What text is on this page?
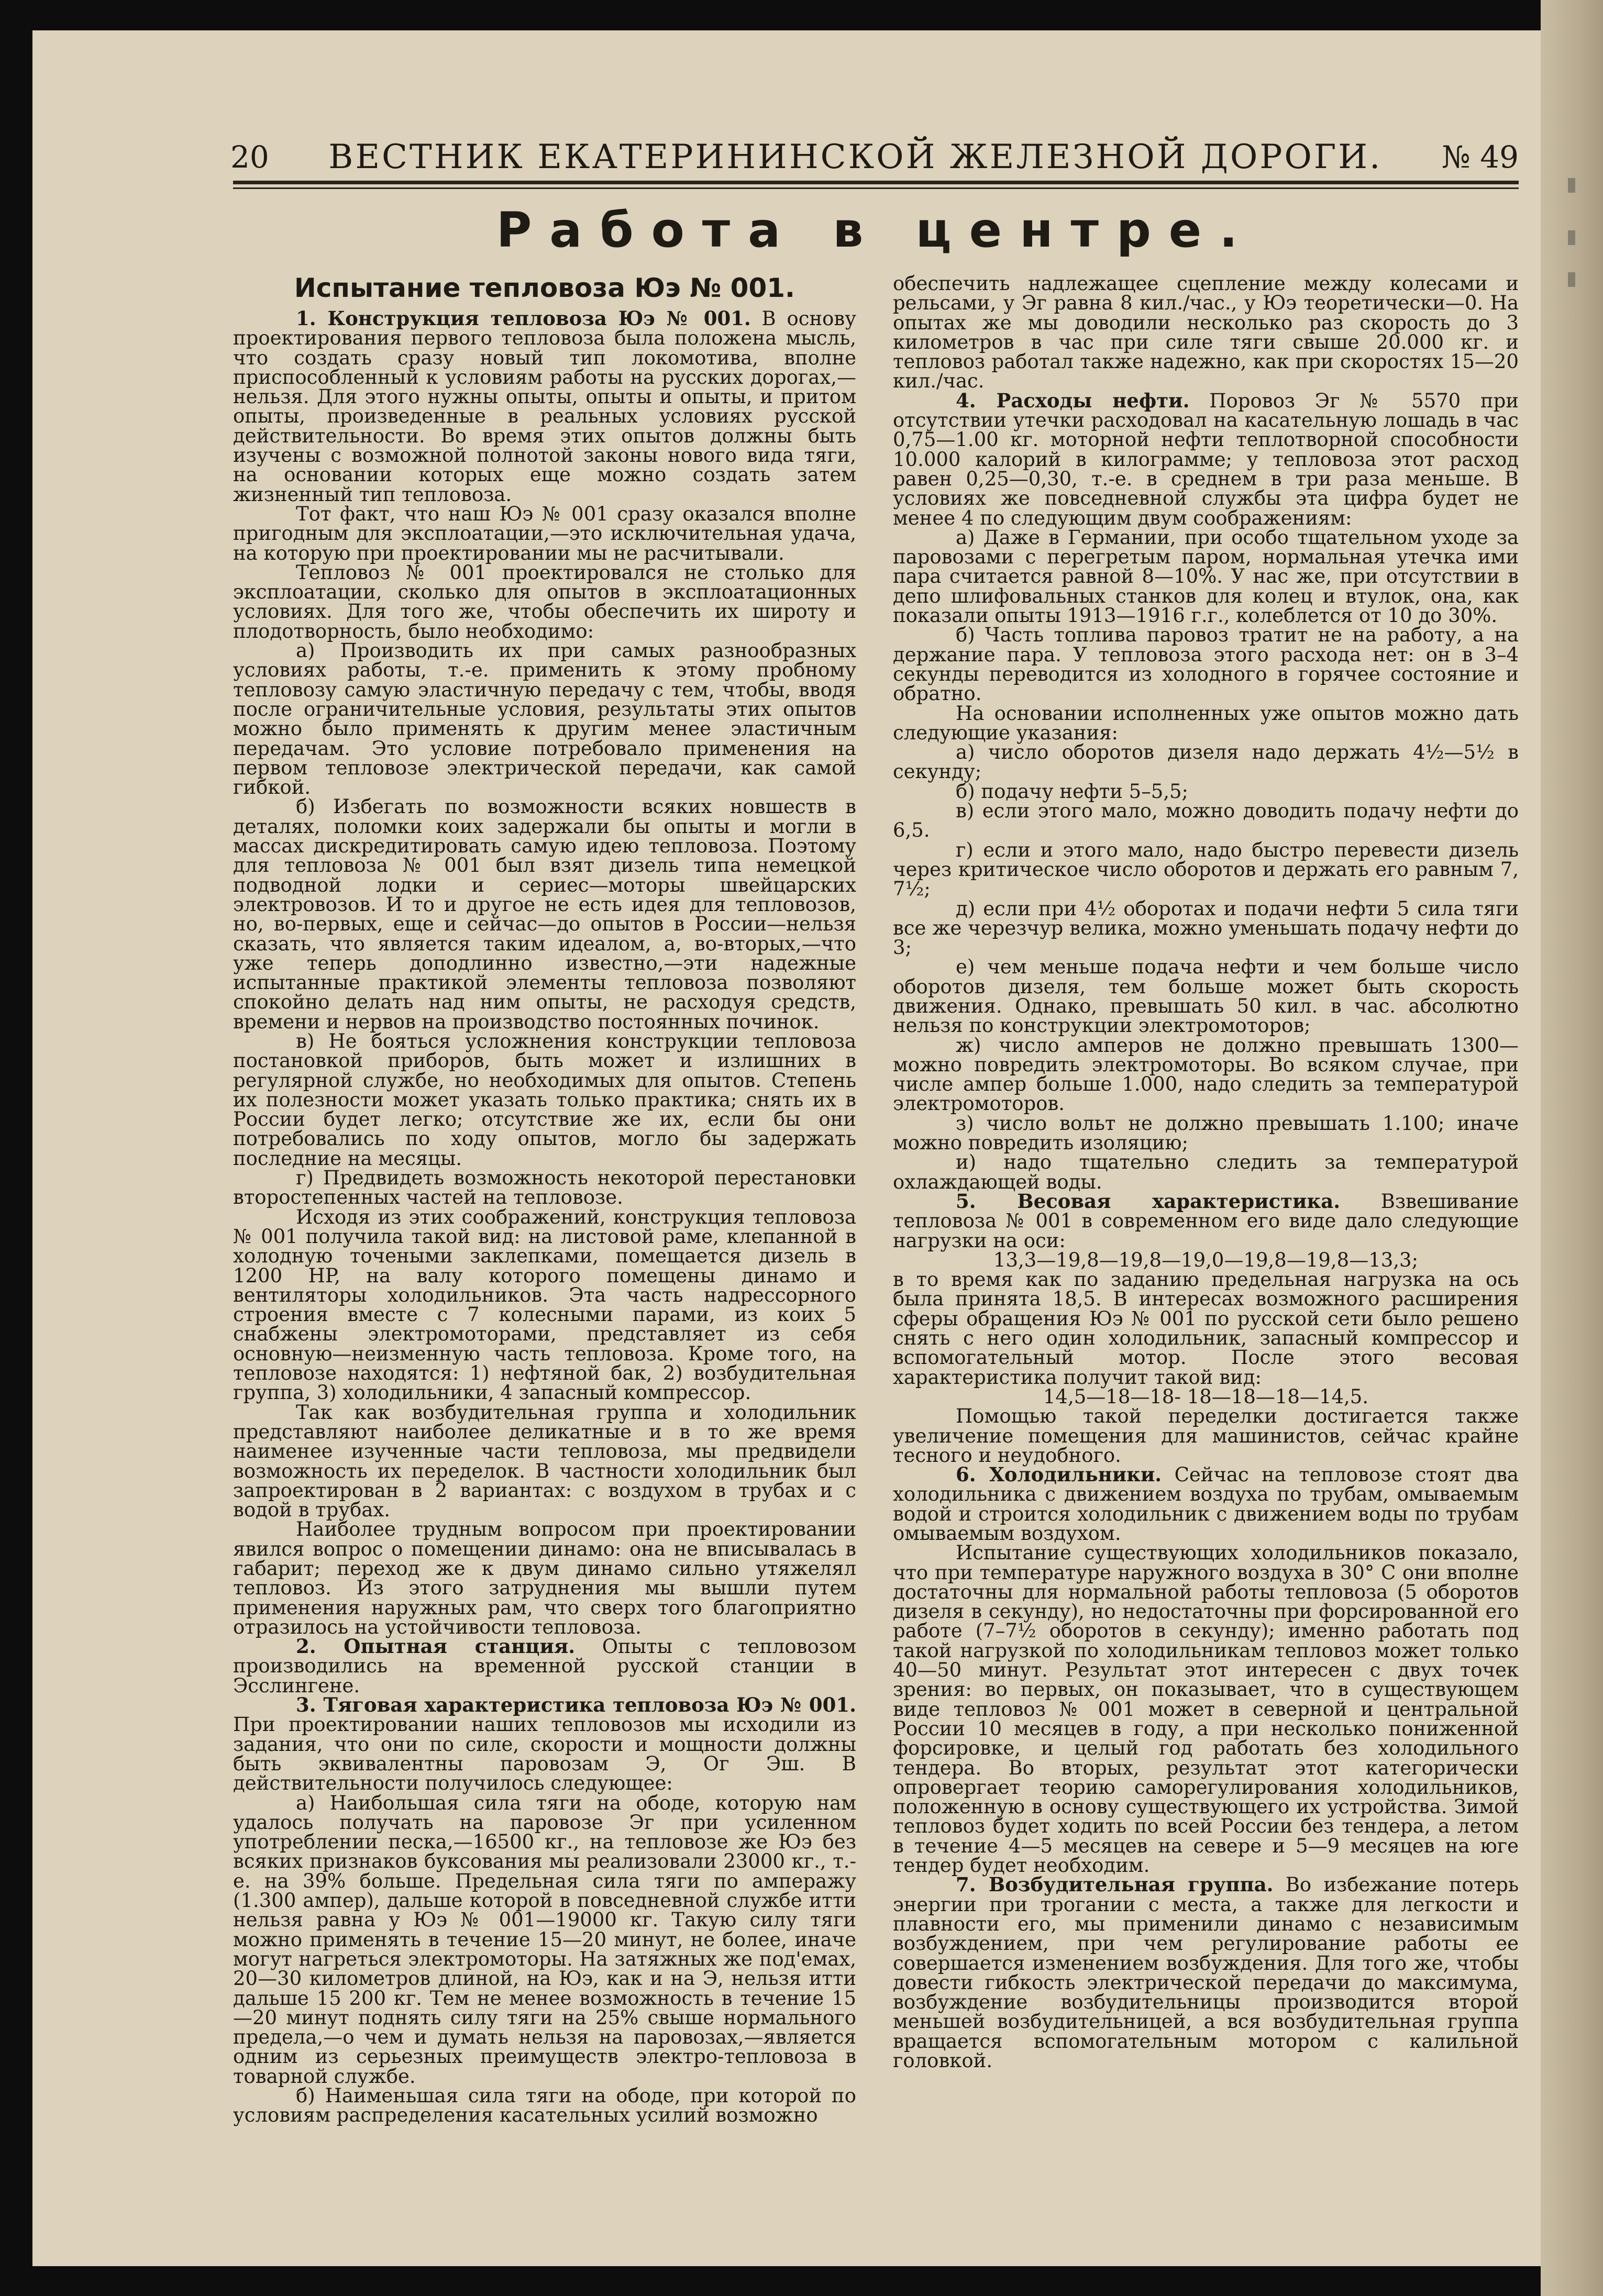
20 ВЕСТНИК ЕКАТЕРИНИНСКОЙ ЖЕЛЕЗНОЙ ДОРОГИ. № 49
Работа в центре.
Испытание тепловоза Юэ № 001.

1. Конструкция тепловоза Юэ № 001. В основу проектирования первого тепловоза была положена мысль, что создать сразу новый тип локомотива, вполне приспособленный к условиям работы на русских дорогах,—нельзя. Для этого нужны опыты, опыты и опыты, и притом опыты, произведенные в реальных условиях русской действительности. Во время этих опытов должны быть изучены с возможной полнотой законы нового вида тяги, на основании которых еще можно создать затем жизненный тип тепловоза.

Тот факт, что наш Юэ № 001 сразу оказался вполне пригодным для эксплоатации,—это исключительная удача, на которую при проектировании мы не расчитывали.

Тепловоз № 001 проектировался не столько для эксплоатации, сколько для опытов в эксплоатационных условиях. Для того же, чтобы обеспечить их широту и плодотворность, было необходимо:

а) Производить их при самых разнообразных условиях работы, т.-е. применить к этому пробному тепловозу самую эластичную передачу с тем, чтобы, вводя после ограничительные условия, результаты этих опытов можно было применять к другим менее эластичным передачам. Это условие потребовало применения на первом тепловозе электрической передачи, как самой гибкой.

б) Избегать по возможности всяких новшеств в деталях, поломки коих задержали бы опыты и могли в массах дискредитировать самую идею тепловоза. Поэтому для тепловоза № 001 был взят дизель типа немецкой подводной лодки и сериес—моторы швейцарских электровозов. И то и другое не есть идея для тепловозов, но, во-первых, еще и сейчас—до опытов в России—нельзя сказать, что является таким идеалом, а, во-вторых,—что уже теперь доподлинно известно,—эти надежные испытанные практикой элементы тепловоза позволяют спокойно делать над ним опыты, не расходуя средств, времени и нервов на производство постоянных починок.

в) Не бояться усложнения конструкции тепловоза постановкой приборов, быть может и излишних в регулярной службе, но необходимых для опытов. Степень их полезности может указать только практика; снять их в России будет легко; отсутствие же их, если бы они потребовались по ходу опытов, могло бы задержать последние на месяцы.

г) Предвидеть возможность некоторой перестановки второстепенных частей на тепловозе.

Исходя из этих соображений, конструкция тепловоза № 001 получила такой вид: на листовой раме, клепанной в холодную точеными заклепками, помещается дизель в 1200 HP, на валу которого помещены динамо и вентиляторы холодильников. Эта часть надрессорного строения вместе с 7 колесными парами, из коих 5 снабжены электромоторами, представляет из себя основную—неизменную часть тепловоза. Кроме того, на тепловозе находятся: 1) нефтяной бак, 2) возбудительная группа, 3) холодильники, 4 запасный компрессор.

Так как возбудительная группа и холодильник представляют наиболее деликатные и в то же время наименее изученные части тепловоза, мы предвидели возможность их переделок. В частности холодильник был запроектирован в 2 вариантах: с воздухом в трубах и с водой в трубах.

Наиболее трудным вопросом при проектировании явился вопрос о помещении динамо: она не вписывалась в габарит; переход же к двум динамо сильно утяжелял тепловоз. Из этого затруднения мы вышли путем применения наружных рам, что сверх того благоприятно отразилось на устойчивости тепловоза.

2. Опытная станция. Опыты с тепловозом производились на временной русской станции в Эсслингене.

3. Тяговая характеристика тепловоза Юэ № 001. При проектировании наших тепловозов мы исходили из задания, что они по силе, скорости и мощности должны быть эквивалентны паровозам Э, Ог Эш. В действительности получилось следующее:

а) Наибольшая сила тяги на ободе, которую нам удалось получать на паровозе Эг при усиленном употреблении песка,—16500 кг., на тепловозе же Юэ без всяких признаков буксования мы реализовали 23000 кг., т.-е. на 39% больше. Предельная сила тяги по амперажу (1.300 ампер), дальше которой в повседневной службе итти нельзя равна у Юэ № 001—19000 кг. Такую силу тяги можно применять в течение 15—20 минут, не более, иначе могут нагреться электромоторы. На затяжных же под'емах, 20—30 километров длиной, на Юэ, как и на Э, нельзя итти дальше 15 200 кг. Тем не менее возможность в течение 15—20 минут поднять силу тяги на 25% свыше нормального предела,—о чем и думать нельзя на паровозах,—является одним из серьезных преимуществ электро-тепловоза в товарной службе.

б) Наименьшая сила тяги на ободе, при которой по условиям распределения касательных усилий возможно

обеспечить надлежащее сцепление между колесами и рельсами, у Эг равна 8 кил./час., у Юэ теоретически—0. На опытах же мы доводили несколько раз скорость до 3 километров в час при силе тяги свыше 20.000 кг. и тепловоз работал также надежно, как при скоростях 15—20 кил./час.

4. Расходы нефти. Поровоз Эг № 5570 при отсутствии утечки расходовал на касательную лошадь в час 0,75—1.00 кг. моторной нефти теплотворной способности 10.000 калорий в килограмме; у тепловоза этот расход равен 0,25—0,30, т.-е. в среднем в три раза меньше. В условиях же повседневной службы эта цифра будет не менее 4 по следующим двум соображениям:

а) Даже в Германии, при особо тщательном уходе за паровозами с перегретым паром, нормальная утечка ими пара считается равной 8—10%. У нас же, при отсутствии в депо шлифовальных станков для колец и втулок, она, как показали опыты 1913—1916 г.г., колеблется от 10 до 30%.

б) Часть топлива паровоз тратит не на работу, а на держание пара. У тепловоза этого расхода нет: он в 3–4 секунды переводится из холодного в горячее состояние и обратно.

На основании исполненных уже опытов можно дать следующие указания:

а) число оборотов дизеля надо держать 4½—5½ в секунду;

б) подачу нефти 5–5,5;

в) если этого мало, можно доводить подачу нефти до 6,5.

г) если и этого мало, надо быстро перевести дизель через критическое число оборотов и держать его равным 7, 7½;

д) если при 4½ оборотах и подачи нефти 5 сила тяги все же черезчур велика, можно уменьшать подачу нефти до 3;

е) чем меньше подача нефти и чем больше число оборотов дизеля, тем больше может быть скорость движения. Однако, превышать 50 кил. в час. абсолютно нельзя по конструкции электромоторов;

ж) число амперов не должно превышать 1300—можно повредить электромоторы. Во всяком случае, при числе ампер больше 1.000, надо следить за температурой электромоторов.

з) число вольт не должно превышать 1.100; иначе можно повредить изоляцию;

и) надо тщательно следить за температурой охлаждающей воды.

5. Весовая характеристика. Взвешивание тепловоза № 001 в современном его виде дало следующие нагрузки на оси:

13,3—19,8—19,8—19,0—19,8—19,8—13,3;

в то время как по заданию предельная нагрузка на ось была принята 18,5. В интересах возможного расширения сферы обращения Юэ № 001 по русской сети было решено снять с него один холодильник, запасный компрессор и вспомогательный мотор. После этого весовая характеристика получит такой вид:

14,5—18—18- 18—18—18—14,5.

Помощью такой переделки достигается также увеличение помещения для машинистов, сейчас крайне тесного и неудобного.

6. Холодильники. Сейчас на тепловозе стоят два холодильника с движением воздуха по трубам, омываемым водой и строится холодильник с движением воды по трубам омываемым воздухом.

Испытание существующих холодильников показало, что при температуре наружного воздуха в 30° С они вполне достаточны для нормальной работы тепловоза (5 оборотов дизеля в секунду), но недостаточны при форсированной его работе (7–7½ оборотов в секунду); именно работать под такой нагрузкой по холодильникам тепловоз может только 40—50 минут. Результат этот интересен с двух точек зрения: во первых, он показывает, что в существующем виде тепловоз № 001 может в северной и центральной России 10 месяцев в году, а при несколько пониженной форсировке, и целый год работать без холодильного тендера. Во вторых, результат этот категорически опровергает теорию саморегулирования холодильников, положенную в основу существующего их устройства. Зимой тепловоз будет ходить по всей России без тендера, а летом в течение 4—5 месяцев на севере и 5—9 месяцев на юге тендер будет необходим.

7. Возбудительная группа. Во избежание потерь энергии при трогании с места, а также для легкости и плавности его, мы применили динамо с независимым возбуждением, при чем регулирование работы ее совершается изменением возбуждения. Для того же, чтобы довести гибкость электрической передачи до максимума, возбуждение возбудительницы производится второй меньшей возбудительницей, а вся возбудительная группа вращается вспомогательным мотором с калильной головкой.
